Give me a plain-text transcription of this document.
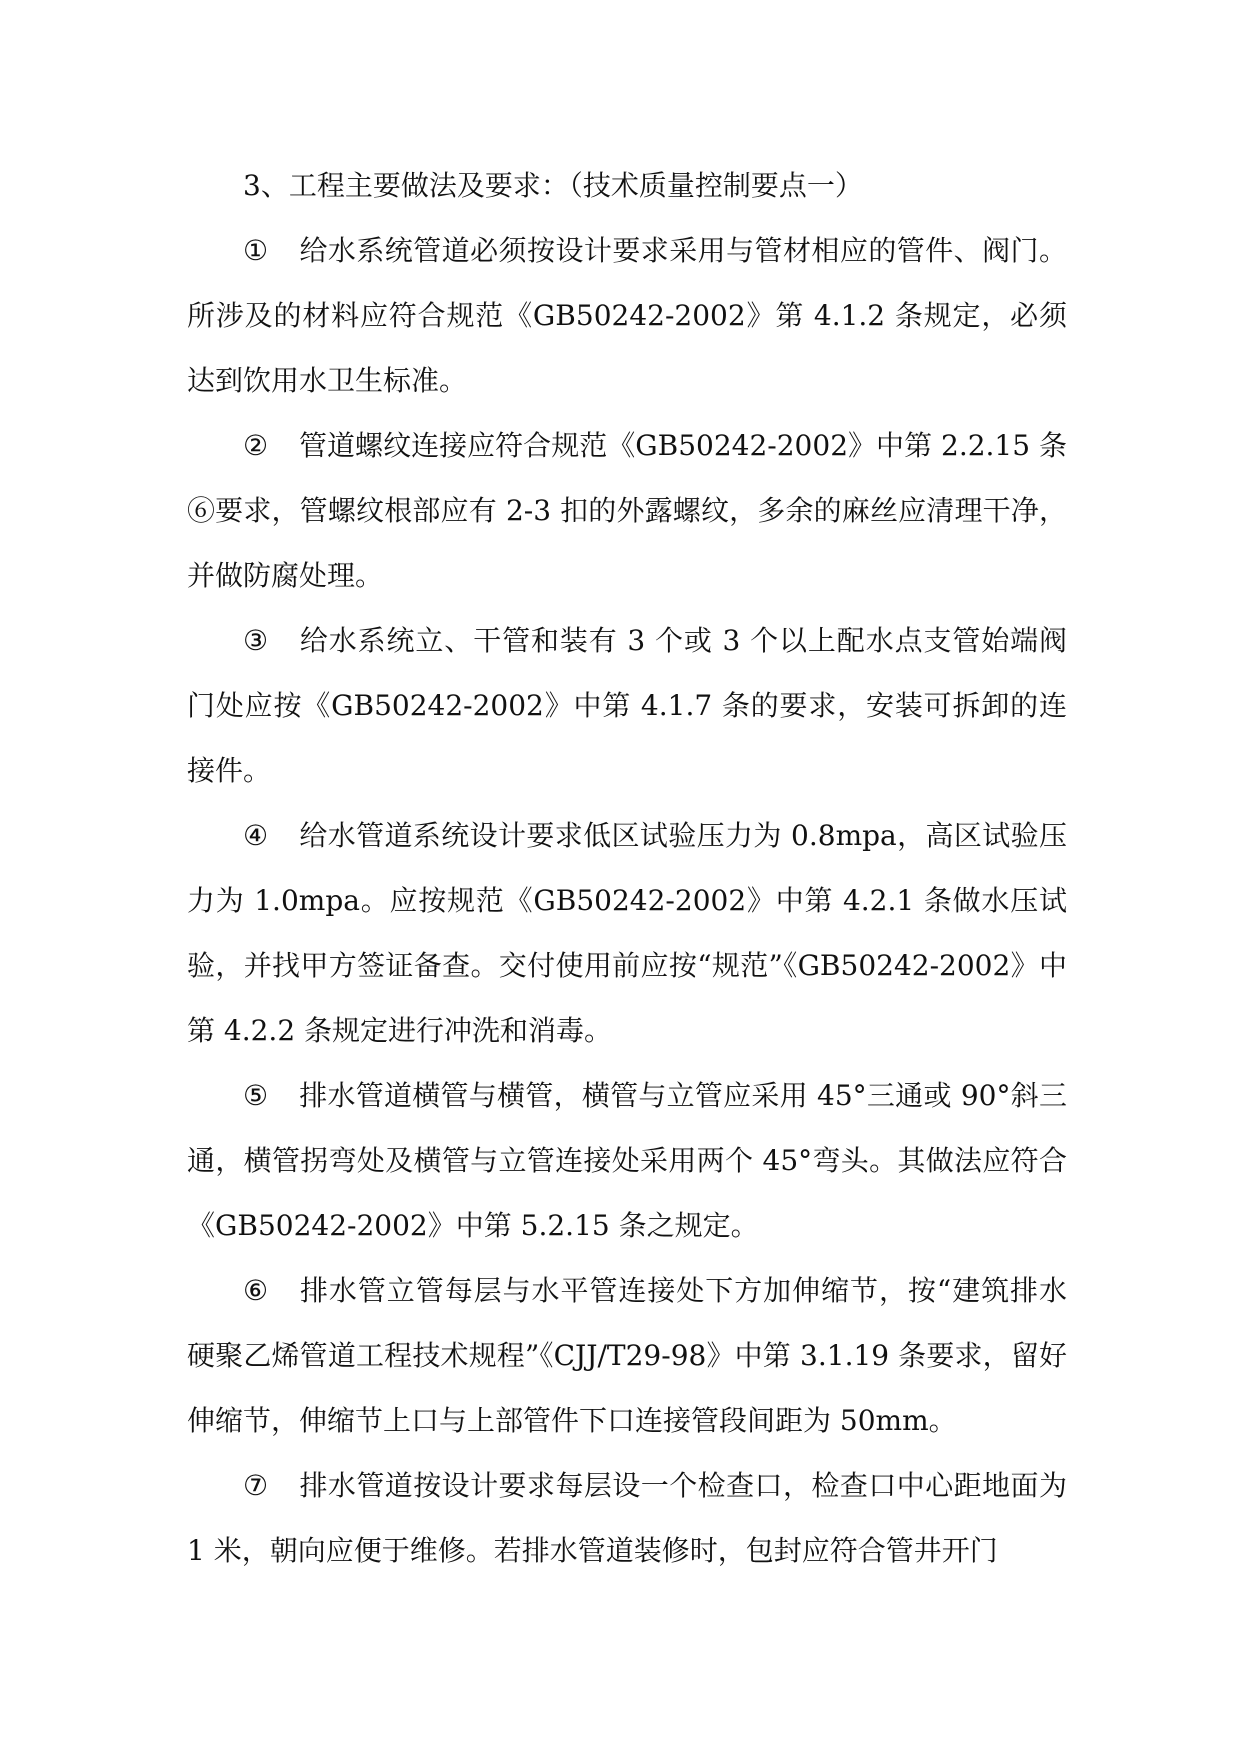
3、工程主要做法及要求：（技术质量控制要点一）

① 给水系统管道必须按设计要求采用与管材相应的管件、阀门。所涉及的材料应符合规范《GB50242-2002》第 4.1.2 条规定，必须达到饮用水卫生标准。

② 管道螺纹连接应符合规范《GB50242-2002》中第 2.2.15 条⑥要求，管螺纹根部应有 2-3 扣的外露螺纹，多余的麻丝应清理干净，并做防腐处理。

③ 给水系统立、干管和装有 3 个或 3 个以上配水点支管始端阀门处应按《GB50242-2002》中第 4.1.7 条的要求，安装可拆卸的连接件。

④ 给水管道系统设计要求低区试验压力为 0.8mpa，高区试验压力为 1.0mpa。应按规范《GB50242-2002》中第 4.2.1 条做水压试验，并找甲方签证备查。交付使用前应按“规范”《GB50242-2002》中第 4.2.2 条规定进行冲洗和消毒。

⑤ 排水管道横管与横管，横管与立管应采用 45°三通或 90°斜三通，横管拐弯处及横管与立管连接处采用两个 45°弯头。其做法应符合《GB50242-2002》中第 5.2.15 条之规定。

⑥ 排水管立管每层与水平管连接处下方加伸缩节，按“建筑排水硬聚乙烯管道工程技术规程”《CJJ/T29-98》中第 3.1.19 条要求，留好伸缩节，伸缩节上口与上部管件下口连接管段间距为 50mm。

⑦ 排水管道按设计要求每层设一个检查口，检查口中心距地面为 1 米，朝向应便于维修。若排水管道装修时，包封应符合管井开门
